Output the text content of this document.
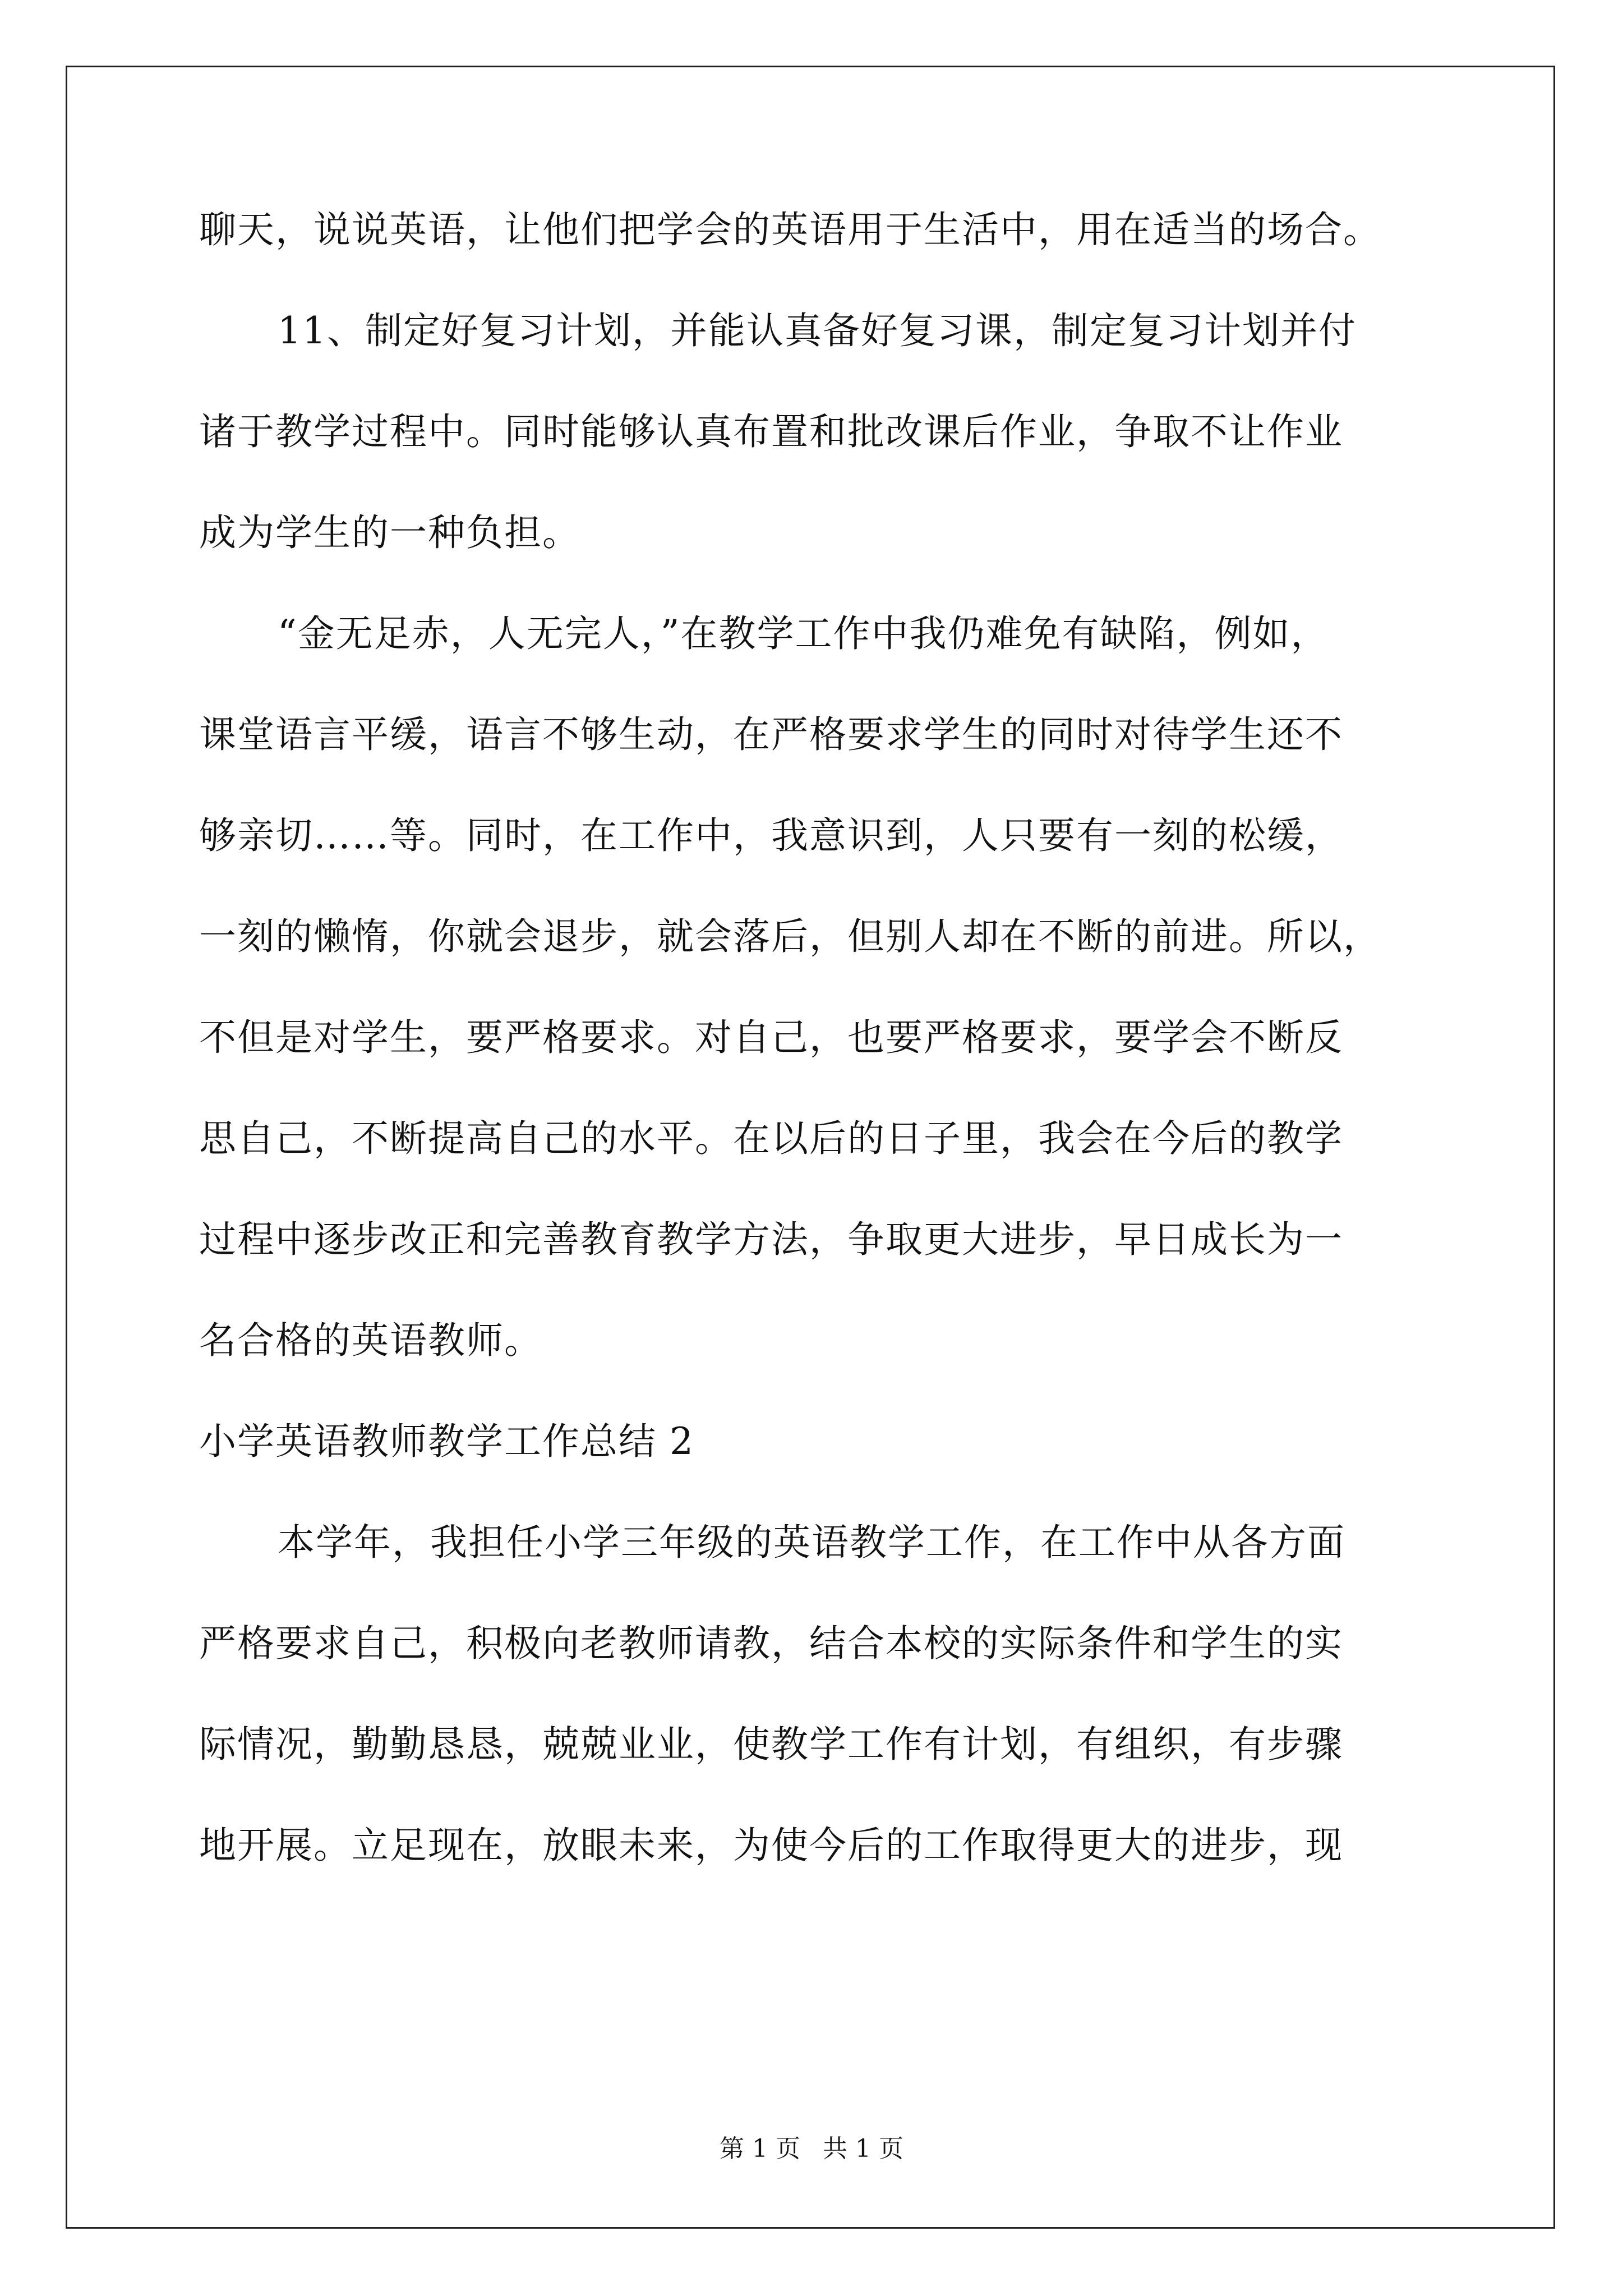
聊天，说说英语，让他们把学会的英语用于生活中，用在适当的场合。
11、制定好复习计划，并能认真备好复习课，制定复习计划并付
诸于教学过程中。同时能够认真布置和批改课后作业，争取不让作业
成为学生的一种负担。
“金无足赤，人无完人，”在教学工作中我仍难免有缺陷，例如，
课堂语言平缓，语言不够生动，在严格要求学生的同时对待学生还不
够亲切……等。同时，在工作中，我意识到，人只要有一刻的松缓，
一刻的懒惰，你就会退步，就会落后，但别人却在不断的前进。所以，
不但是对学生，要严格要求。对自己，也要严格要求，要学会不断反
思自己，不断提高自己的水平。在以后的日子里，我会在今后的教学
过程中逐步改正和完善教育教学方法，争取更大进步，早日成长为一
名合格的英语教师。
小学英语教师教学工作总结 2
本学年，我担任小学三年级的英语教学工作，在工作中从各方面
严格要求自己，积极向老教师请教，结合本校的实际条件和学生的实
际情况，勤勤恳恳，兢兢业业，使教学工作有计划，有组织，有步骤
地开展。立足现在，放眼未来，为使今后的工作取得更大的进步，现
第 1 页 共 1 页
